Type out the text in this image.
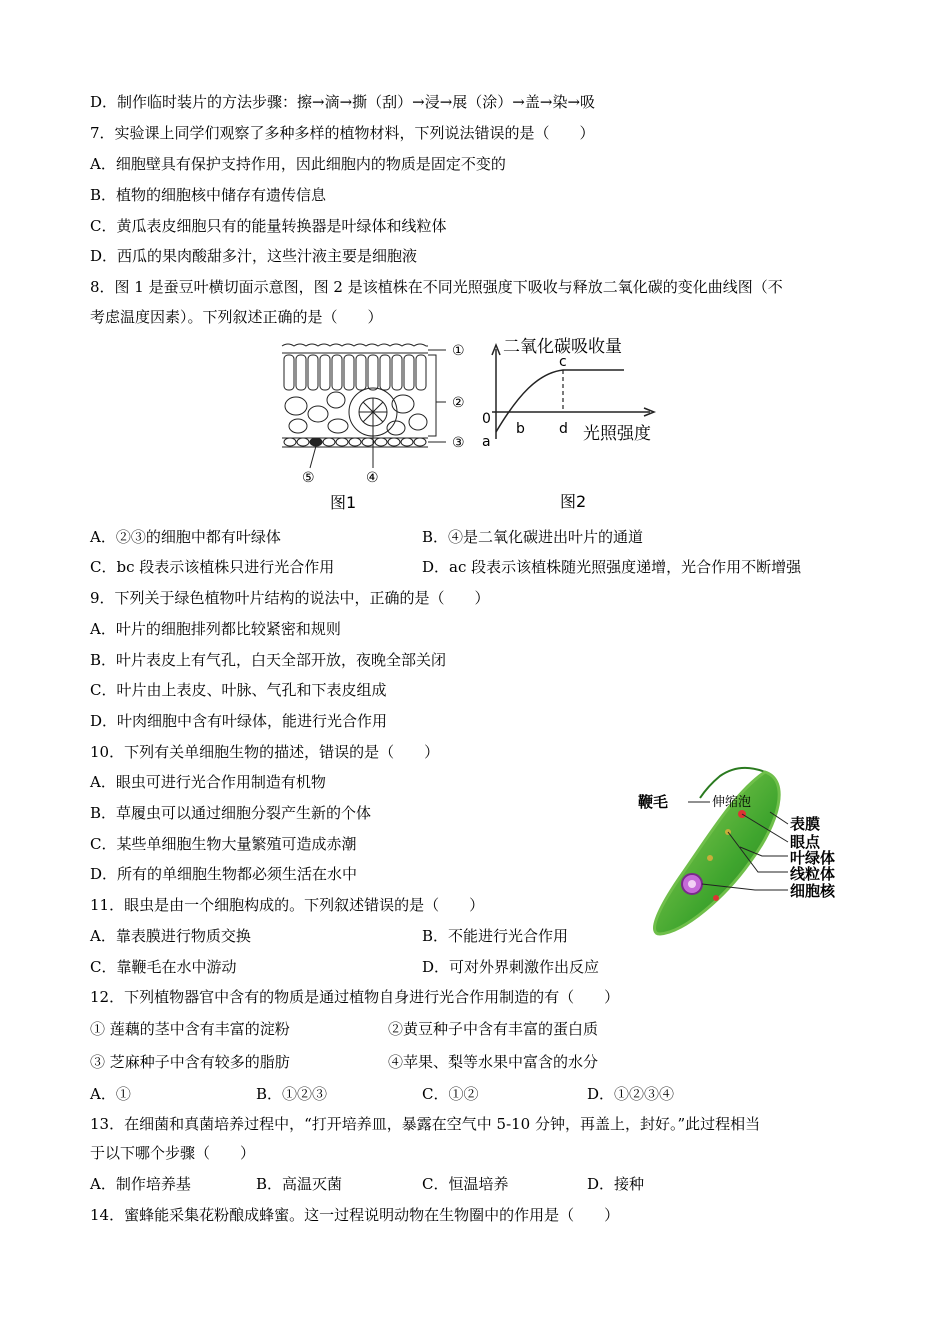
D．制作临时装片的方法步骤：擦→滴→撕（刮）→浸→展（涂）→盖→染→吸
7．实验课上同学们观察了多种多样的植物材料，下列说法错误的是（　　）
A．细胞壁具有保护支持作用，因此细胞内的物质是固定不变的
B．植物的细胞核中储存有遗传信息
C．黄瓜表皮细胞只有的能量转换器是叶绿体和线粒体
D．西瓜的果肉酸甜多汁，这些汁液主要是细胞液
8．图 1 是蚕豆叶横切面示意图，图 2 是该植株在不同光照强度下吸收与释放二氧化碳的变化曲线图（不
考虑温度因素）。下列叙述正确的是（　　）
①
②
③
④
⑤
图1
二氧化碳吸收量
光照强度
0
a
b
c
d
图2
A．②③的细胞中都有叶绿体	B．④是二氧化碳进出叶片的通道
C．bc 段表示该植株只进行光合作用	D．ac 段表示该植株随光照强度递增，光合作用不断增强
9．下列关于绿色植物叶片结构的说法中，正确的是（　　）
A．叶片的细胞排列都比较紧密和规则
B．叶片表皮上有气孔，白天全部开放，夜晚全部关闭
C．叶片由上表皮、叶脉、气孔和下表皮组成
D．叶肉细胞中含有叶绿体，能进行光合作用
10．下列有关单细胞生物的描述，错误的是（　　）
A．眼虫可进行光合作用制造有机物
B．草履虫可以通过细胞分裂产生新的个体
C．某些单细胞生物大量繁殖可造成赤潮
D．所有的单细胞生物都必须生活在水中
鞭毛	伸缩泡
表膜
眼点
叶绿体
线粒体
细胞核
11．眼虫是由一个细胞构成的。下列叙述错误的是（　　）
A．靠表膜进行物质交换	B．不能进行光合作用
C．靠鞭毛在水中游动	D．可对外界刺激作出反应
12．下列植物器官中含有的物质是通过植物自身进行光合作用制造的有（　　）
① 莲藕的茎中含有丰富的淀粉	②黄豆种子中含有丰富的蛋白质
③ 芝麻种子中含有较多的脂肪	④苹果、梨等水果中富含的水分
A．①	B．①②③	C．①②	D．①②③④
13．在细菌和真菌培养过程中，“打开培养皿，暴露在空气中 5-10 分钟，再盖上，封好。”此过程相当
于以下哪个步骤（　　）
A．制作培养基	B．高温灭菌	C．恒温培养	D．接种
14．蜜蜂能采集花粉酿成蜂蜜。这一过程说明动物在生物圈中的作用是（　　）
